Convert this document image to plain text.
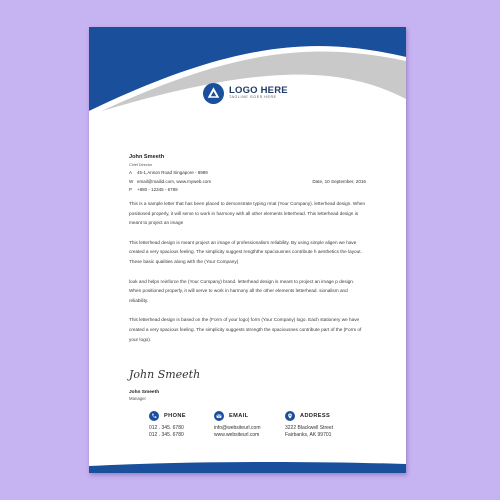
LOGO HERE
TAGLINE GOES HERE
John Smeeth
Chief Director
A 45-1,Anson Road Singapore - 8989
W email@mailid.com, www.myweb.com
P +880 - 12345 - 6789
Date, 10 September, 2016

This is a sample letter that has been placed to demonstrate typing rmat (Your Company). letterhead design. When positioned properly, it will serve to work in harmony with all other elements letterhead. This letterhead design is meant to project an image

This letterhead design is meant project an image of professionalism reliability. By using simple aligen we have created a very spacious feeling. The simplicity suggest rengththe spaciousnes contribute h aesthetics the layout. These basic qualities along with the (Your Company)

look and helps reinforce the (Your Company) brand. letterhead design is meant to project an image p design. When positioned properly, it will serve to work in harmony all the other elements letterhead. sionalism and reliability.

This letterhead design is based on the (Form of your logo) form (Your Company) logo. Each stationery we have created a very spacious feeling. The simplicity suggests strength the spaciousnes contribute part of the (Form of your logo).

John Smeeth
John Smeeth
Manager
PHONE
012 . 345. 6780
012 . 345. 6780
EMAIL
info@websiteurl.com
www.websiteurl.com
ADDRESS
3222 Blackwell Street
Fairbanks, AK 99701
